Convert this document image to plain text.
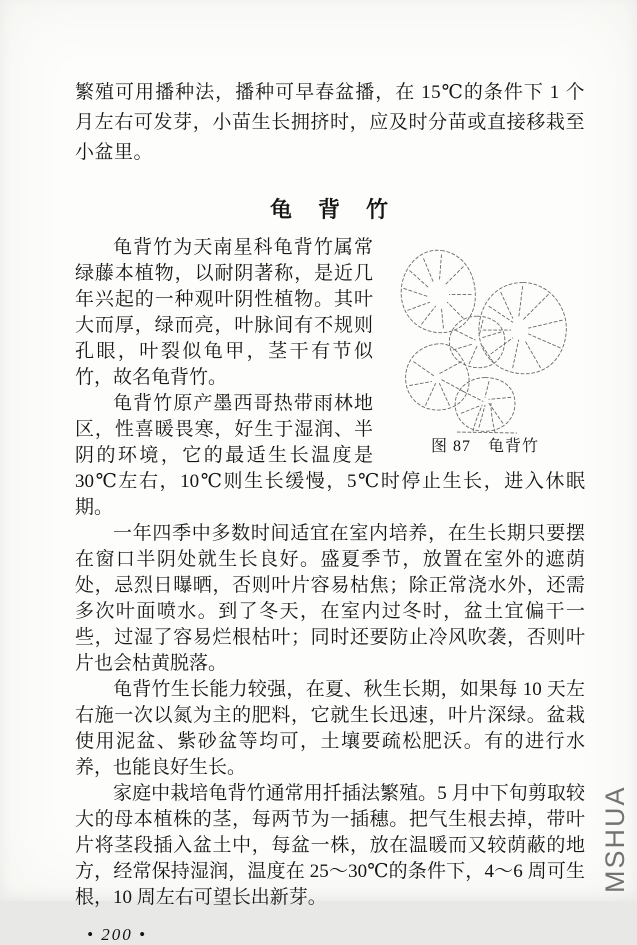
繁殖可用播种法，播种可早春盆播，在 15℃的条件下 1 个月左右可发芽，小苗生长拥挤时，应及时分苗或直接移栽至小盆里。

龟　背　竹
图 87　龟背竹

龟背竹为天南星科龟背竹属常绿藤本植物，以耐阴著称，是近几年兴起的一种观叶阴性植物。其叶大而厚，绿而亮，叶脉间有不规则孔眼，叶裂似龟甲，茎干有节似竹，故名龟背竹。

龟背竹原产墨西哥热带雨林地区，性喜暖畏寒，好生于湿润、半阴的环境，它的最适生长温度是 30℃左右，10℃则生长缓慢，5℃时停止生长，进入休眠期。

一年四季中多数时间适宜在室内培养，在生长期只要摆在窗口半阴处就生长良好。盛夏季节，放置在室外的遮荫处，忌烈日曝晒，否则叶片容易枯焦；除正常浇水外，还需多次叶面喷水。到了冬天，在室内过冬时，盆土宜偏干一些，过湿了容易烂根枯叶；同时还要防止冷风吹袭，否则叶片也会枯黄脱落。

龟背竹生长能力较强，在夏、秋生长期，如果每 10 天左右施一次以氮为主的肥料，它就生长迅速，叶片深绿。盆栽使用泥盆、紫砂盆等均可，土壤要疏松肥沃。有的进行水养，也能良好生长。

家庭中栽培龟背竹通常用扦插法繁殖。5 月中下旬剪取较大的母本植株的茎，每两节为一插穗。把气生根去掉，带叶片将茎段插入盆土中，每盆一株，放在温暖而又较荫蔽的地方，经常保持湿润，温度在 25～30℃的条件下，4～6 周可生根，10 周左右可望长出新芽。

• 200 •
MSHUA
